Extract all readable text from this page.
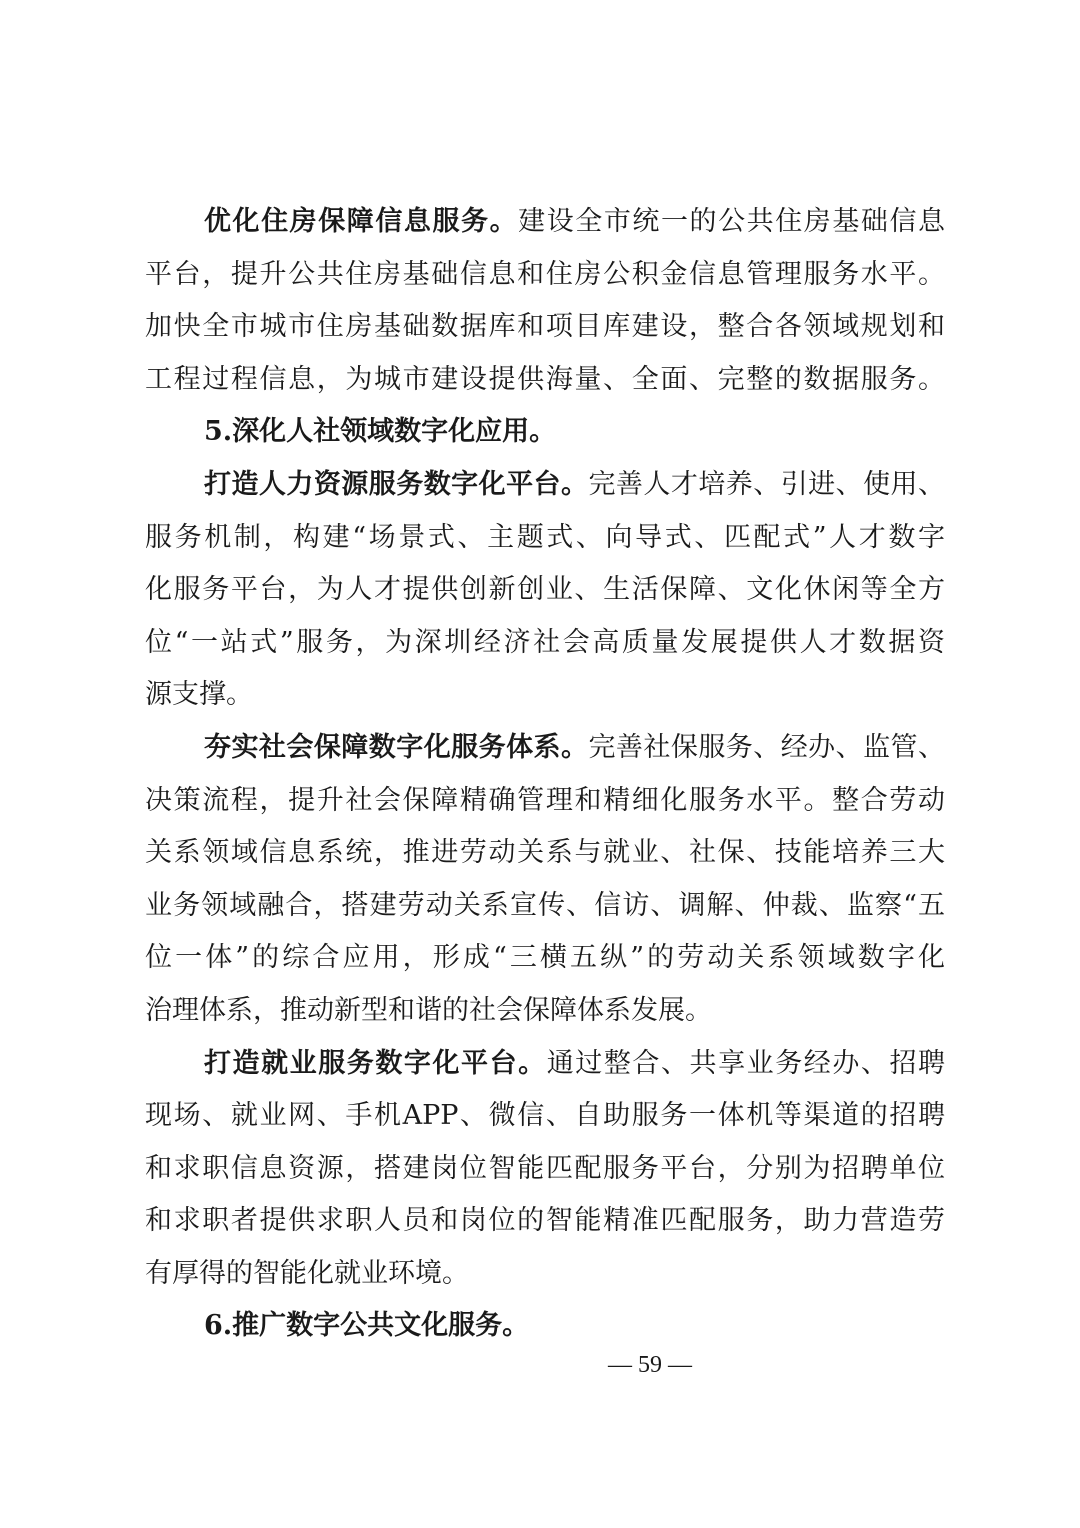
优化住房保障信息服务。建设全市统一的公共住房基础信息
平台，提升公共住房基础信息和住房公积金信息管理服务水平。
加快全市城市住房基础数据库和项目库建设，整合各领域规划和
工程过程信息，为城市建设提供海量、全面、完整的数据服务。
5.深化人社领域数字化应用。
打造人力资源服务数字化平台。完善人才培养、引进、使用、
服务机制，构建“场景式、主题式、向导式、匹配式”人才数字
化服务平台，为人才提供创新创业、生活保障、文化休闲等全方
位“一站式”服务，为深圳经济社会高质量发展提供人才数据资
源支撑。
夯实社会保障数字化服务体系。完善社保服务、经办、监管、
决策流程，提升社会保障精确管理和精细化服务水平。整合劳动
关系领域信息系统，推进劳动关系与就业、社保、技能培养三大
业务领域融合，搭建劳动关系宣传、信访、调解、仲裁、监察“五
位一体”的综合应用，形成“三横五纵”的劳动关系领域数字化
治理体系，推动新型和谐的社会保障体系发展。
打造就业服务数字化平台。通过整合、共享业务经办、招聘
现场、就业网、手机APP、微信、自助服务一体机等渠道的招聘
和求职信息资源，搭建岗位智能匹配服务平台，分别为招聘单位
和求职者提供求职人员和岗位的智能精准匹配服务，助力营造劳
有厚得的智能化就业环境。
6.推广数字公共文化服务。
— 59 —
